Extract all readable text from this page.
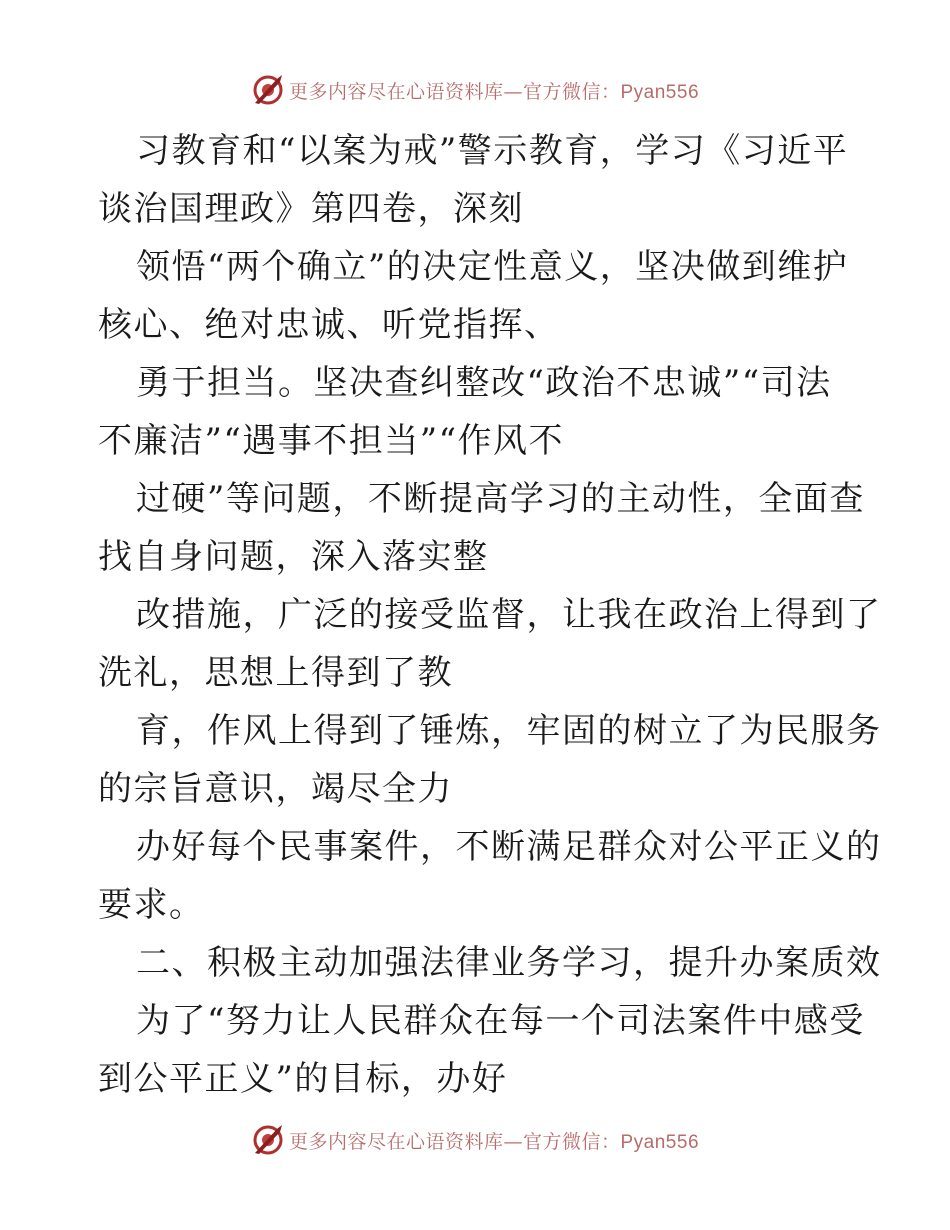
更多内容尽在心语资料库—官方微信：Pyan556
习教育和“以案为戒”警示教育，学习《习近平
谈治国理政》第四卷，深刻
领悟“两个确立”的决定性意义，坚决做到维护
核心、绝对忠诚、听党指挥、
勇于担当。坚决查纠整改“政治不忠诚”“司法
不廉洁”“遇事不担当”“作风不
过硬”等问题，不断提高学习的主动性，全面查
找自身问题，深入落实整
改措施，广泛的接受监督，让我在政治上得到了
洗礼，思想上得到了教
育，作风上得到了锤炼，牢固的树立了为民服务
的宗旨意识，竭尽全力
办好每个民事案件，不断满足群众对公平正义的
要求。
二、积极主动加强法律业务学习，提升办案质效
为了“努力让人民群众在每一个司法案件中感受
到公平正义”的目标，办好
更多内容尽在心语资料库—官方微信：Pyan556
